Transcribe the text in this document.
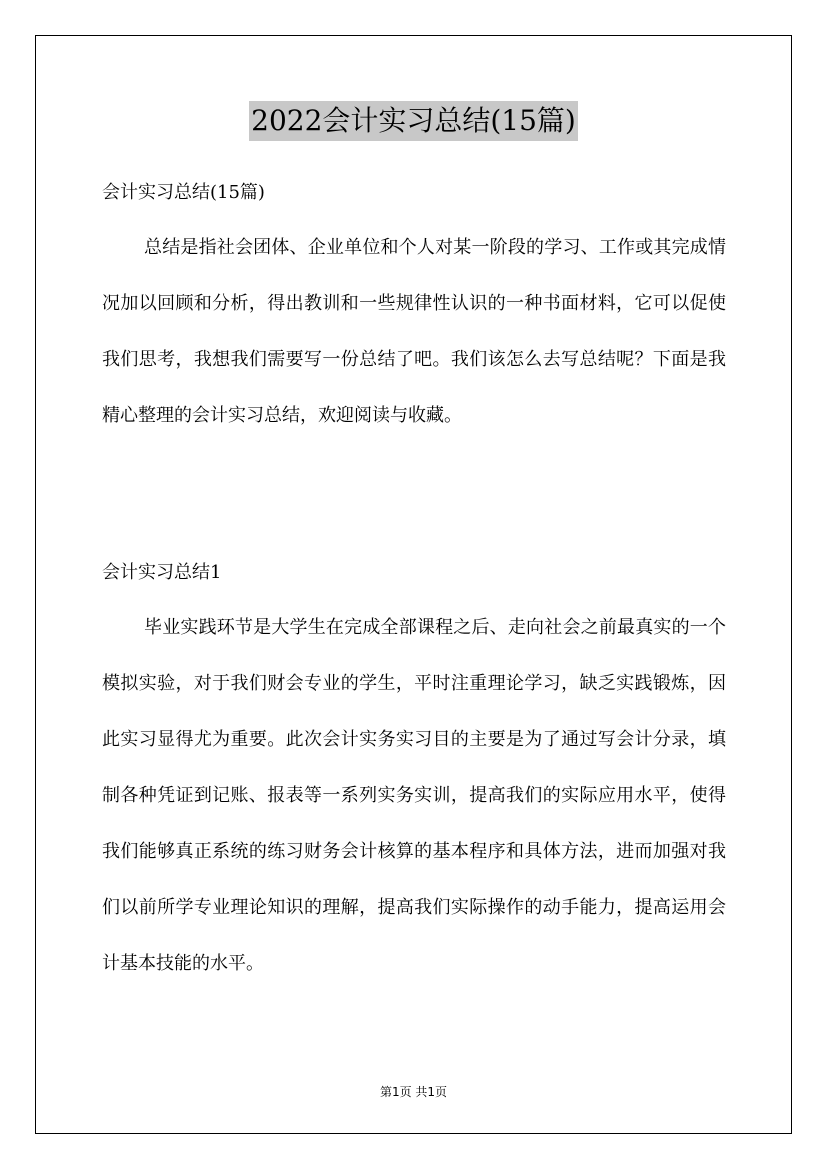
2022会计实习总结(15篇)

会计实习总结(15篇)

总结是指社会团体、企业单位和个人对某一阶段的学习、工作或其完成情况加以回顾和分析，得出教训和一些规律性认识的一种书面材料，它可以促使我们思考，我想我们需要写一份总结了吧。我们该怎么去写总结呢？下面是我精心整理的会计实习总结，欢迎阅读与收藏。

会计实习总结1

毕业实践环节是大学生在完成全部课程之后、走向社会之前最真实的一个模拟实验，对于我们财会专业的学生，平时注重理论学习，缺乏实践锻炼，因此实习显得尤为重要。此次会计实务实习目的主要是为了通过写会计分录，填制各种凭证到记账、报表等一系列实务实训，提高我们的实际应用水平，使得我们能够真正系统的练习财务会计核算的基本程序和具体方法，进而加强对我们以前所学专业理论知识的理解，提高我们实际操作的动手能力，提高运用会计基本技能的水平。

第1页 共1页
